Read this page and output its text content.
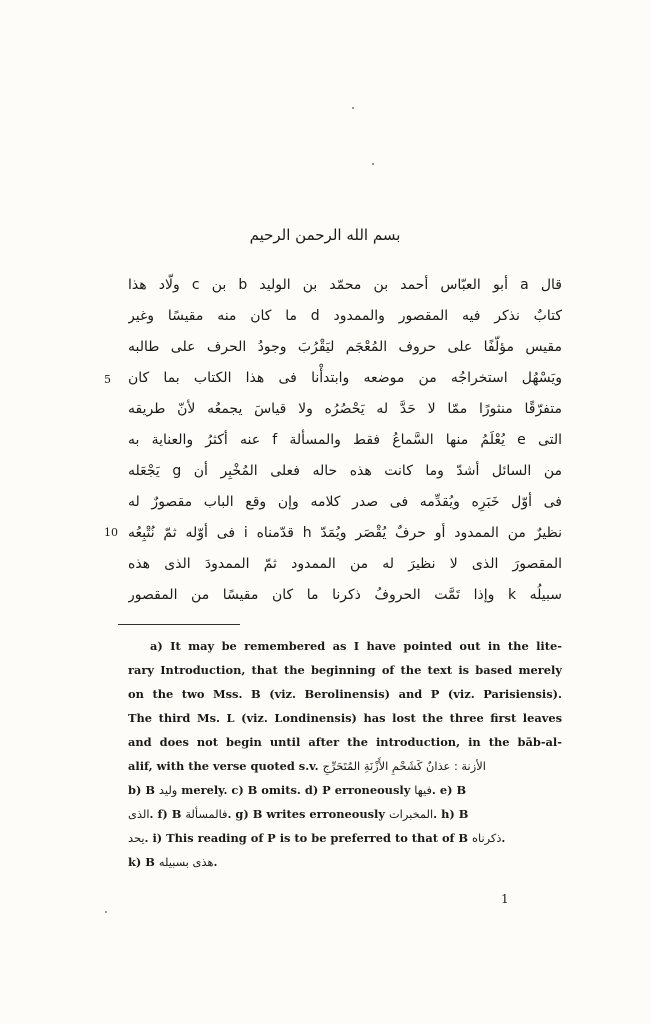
بسم الله الرحمن الرحيم
قال a أبو العبّاس أحمد بن محمّد بن الوليد b بن c ولّاد هذا
كتابٌ نذكر فيه المقصور والممدود d ما كان منه مقيسًا وغير
مقيس مؤلّفًا على حروف المُعْجَم ليَقْرُبَ وجودُ الحرف على طالبه
ويَسْهُل استخراجُه من موضعه وابتدأْنا فى هذا الكتاب بما كان
متفرّقًا منثورًا ممّا لا حَدَّ له يَحْصُرُه ولا قياسَ يجمعُه لأنّ طريقه
التى e يُعْلَمُ منها السَّماعُ فقط والمسألة f عنه أكثرُ والعناية به
من السائل أشدّ وما كانت هذه حاله فعلى المُخْبِر أن g يَجْعَله
فى أوّل خَبَرِه ويُقدِّمه فى صدر كلامه وإن وقع الباب مقصورٌ له
نظيرٌ من الممدود أو حرفٌ يُقْصَر ويُمَدّ h قدّمناه i فى أوّله ثمّ نُتْبِعُه
المقصورَ الذى لا نظيرَ له من الممدود ثمّ الممدودَ الذى هذه
سبيلُه k وإذا تَمَّت الحروفُ ذكرنا ما كان مقيسًا من المقصور
5
10
a) It may be remembered as I have pointed out in the lite-
rary Introduction, that the beginning of the text is based merely
on the two Mss. B (viz. Berolinensis) and P (viz. Parisiensis).
The third Ms. L (viz. Londinensis) has lost the three first leaves
and does not begin until after the introduction, in the bāb-al-
alif, with the verse quoted s.v. الأزنة : عذانٌ كَشَحْمِ الأَزْنَةِ المُتَحَرِّجِ
b) B وليد merely. c) B omits. d) P erroneously فيها. e) B
الذى. f) B فالمسألة. g) B writes erroneously المخبرات. h) B
يحد. i) This reading of P is to be preferred to that of B ذكرناه.
k) B هذى بسبيله.
1
